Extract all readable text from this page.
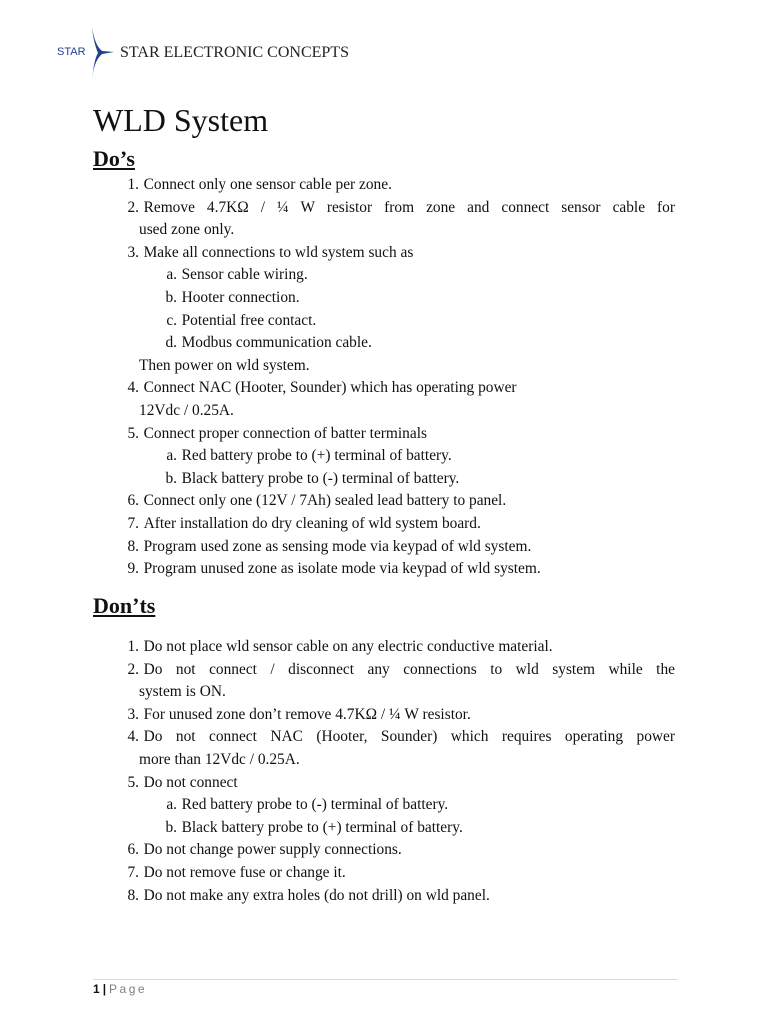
STAR STAR ELECTRONIC CONCEPTS
WLD System
Do’s
1. Connect only one sensor cable per zone.
2. Remove 4.7KΩ / ¼ W resistor from zone and connect sensor cable for
used zone only.
3. Make all connections to wld system such as
a. Sensor cable wiring.
b. Hooter connection.
c. Potential free contact.
d. Modbus communication cable.
Then power on wld system.
4. Connect NAC (Hooter, Sounder) which has operating power
12Vdc / 0.25A.
5. Connect proper connection of batter terminals
a. Red battery probe to (+) terminal of battery.
b. Black battery probe to (-) terminal of battery.
6. Connect only one (12V / 7Ah) sealed lead battery to panel.
7. After installation do dry cleaning of wld system board.
8. Program used zone as sensing mode via keypad of wld system.
9. Program unused zone as isolate mode via keypad of wld system.
Don’ts
1. Do not place wld sensor cable on any electric conductive material.
2. Do not connect / disconnect any connections to wld system while the
system is ON.
3. For unused zone don’t remove 4.7KΩ / ¼ W resistor.
4. Do not connect NAC (Hooter, Sounder) which requires operating power
more than 12Vdc / 0.25A.
5. Do not connect
a. Red battery probe to (-) terminal of battery.
b. Black battery probe to (+) terminal of battery.
6. Do not change power supply connections.
7. Do not remove fuse or change it.
8. Do not make any extra holes (do not drill) on wld panel.
1 | Page
